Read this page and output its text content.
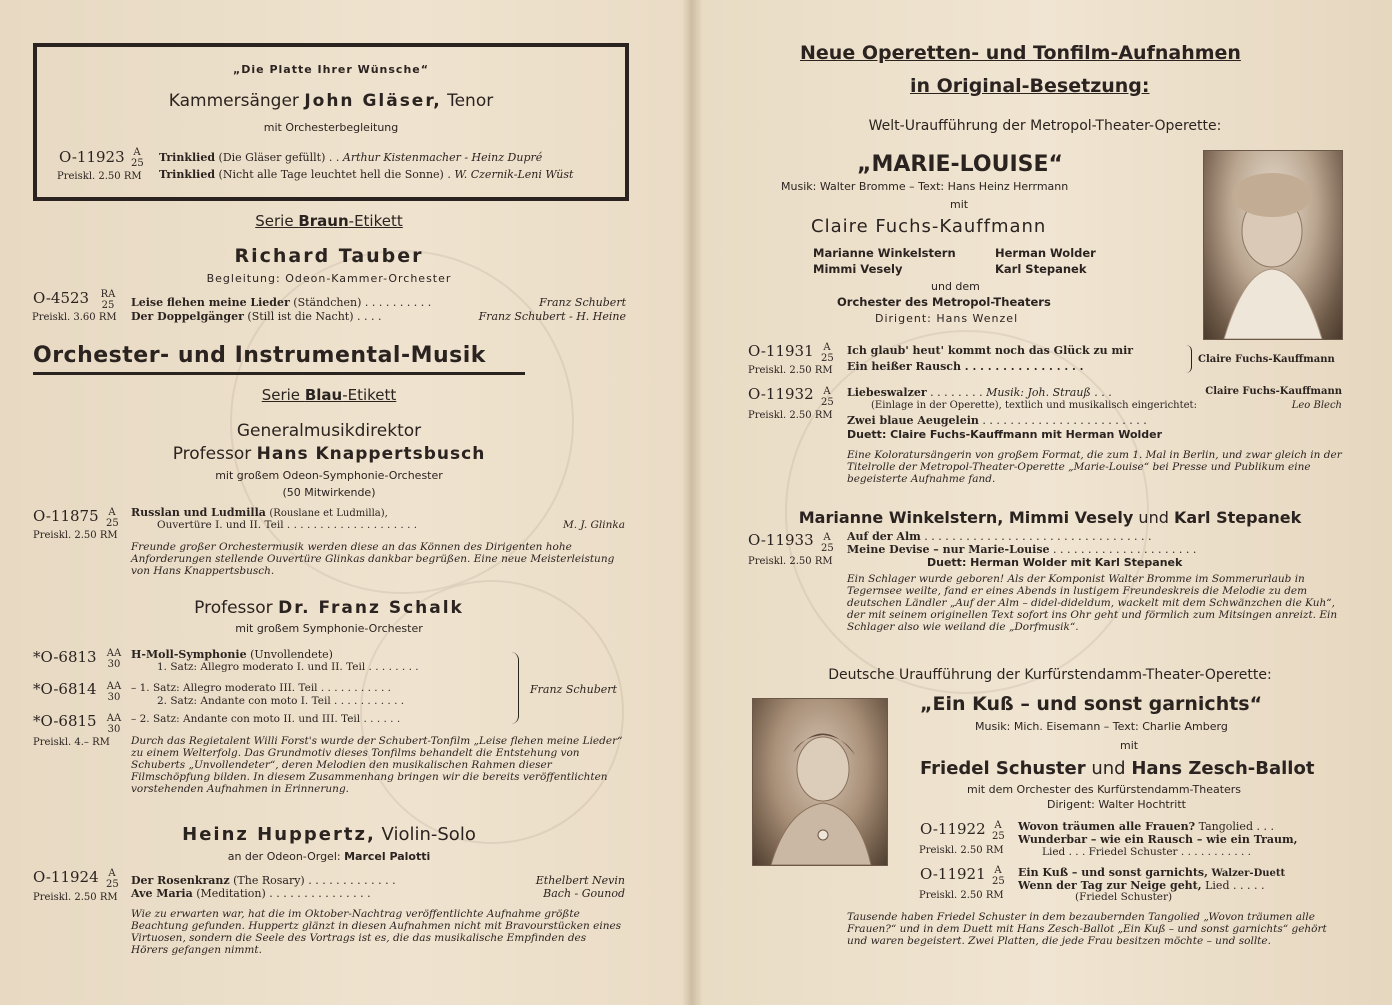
„Die Platte Ihrer Wünsche“
Kammersänger John Gläser, Tenor
mit Orchesterbegleitung
O-11923 A 25
Preiskl. 2.50 RM
Trinklied (Die Gläser gefüllt) . . Arthur Kistenmacher - Heinz Dupré
Trinklied (Nicht alle Tage leuchtet hell die Sonne) . W. Czernik-Leni Wüst
Serie Braun-Etikett
Richard Tauber
Begleitung: Odeon-Kammer-Orchester
O-4523 RA 25
Preiskl. 3.60 RM
Leise flehen meine Lieder (Ständchen) . . . . . . . . . .	Franz Schubert
Der Doppelgänger (Still ist die Nacht) . . . .	Franz Schubert - H. Heine
Orchester- und Instrumental-Musik
Serie Blau-Etikett
Generalmusikdirektor
Professor Hans Knappertsbusch
mit großem Odeon-Symphonie-Orchester
(50 Mitwirkende)
O-11875 A 25
Preiskl. 2.50 RM
Russlan und Ludmilla (Rouslane et Ludmilla),
Ouvertüre I. und II. Teil . . . . . . . . . . . . . . . . . . . .	M. J. Glinka
Freunde großer Orchestermusik werden diese an das Können des Dirigenten hohe Anforderungen stellende Ouvertüre Glinkas dankbar begrüßen. Eine neue Meisterleistung von Hans Knappertsbusch.
Professor Dr. Franz Schalk
mit großem Symphonie-Orchester
*O-6813 AA 30
H-Moll-Symphonie (Unvollendete)
1. Satz: Allegro moderato I. und II. Teil . . . . . . . .
*O-6814 AA 30
– 1. Satz: Allegro moderato III. Teil . . . . . . . . . . .
2. Satz: Andante con moto I. Teil . . . . . . . . . . .
*O-6815 AA 30
– 2. Satz: Andante con moto II. und III. Teil . . . . . .
Franz Schubert
Preiskl. 4.– RM Durch das Regietalent Willi Forst's wurde der Schubert-Tonfilm „Leise flehen meine Lieder“ zu einem Welterfolg. Das Grundmotiv dieses Tonfilms behandelt die Entstehung von Schuberts „Unvollendeter“, deren Melodien den musikalischen Rahmen dieser Filmschöpfung bilden. In diesem Zusammenhang bringen wir die bereits veröffentlichten vorstehenden Aufnahmen in Erinnerung.
Heinz Huppertz, Violin-Solo
an der Odeon-Orgel: Marcel Palotti
O-11924 A 25
Preiskl. 2.50 RM
Der Rosenkranz (The Rosary) . . . . . . . . . . . . .	Ethelbert Nevin
Ave Maria (Meditation) . . . . . . . . . . . . . . .	Bach - Gounod
Wie zu erwarten war, hat die im Oktober-Nachtrag veröffentlichte Aufnahme größte Beachtung gefunden. Huppertz glänzt in diesen Aufnahmen nicht mit Bravourstücken eines Virtuosen, sondern die Seele des Vortrags ist es, die das musikalische Empfinden des Hörers gefangen nimmt.
Neue Operetten- und Tonfilm-Aufnahmen
in Original-Besetzung:
Welt-Uraufführung der Metropol-Theater-Operette:
„MARIE-LOUISE“
Musik: Walter Bromme – Text: Hans Heinz Herrmann
mit
Claire Fuchs-Kauffmann
Marianne Winkelstern	Herman Wolder
Mimmi Vesely	Karl Stepanek
und dem
Orchester des Metropol-Theaters
Dirigent: Hans Wenzel
O-11931 A 25
Preiskl. 2.50 RM
Ich glaub' heut' kommt noch das Glück zu mir
Ein heißer Rausch . . . . . . . . . . . . . . . .
Claire Fuchs-Kauffmann
O-11932 A 25
Preiskl. 2.50 RM
Liebeswalzer . . . . . . . . Musik: Joh. Strauß . . .	Claire Fuchs-Kauffmann
(Einlage in der Operette), textlich und musikalisch eingerichtet:	Leo Blech
Zwei blaue Aeugelein . . . . . . . . . . . . . . . . . . . . . . . .
Duett: Claire Fuchs-Kauffmann mit Herman Wolder
Eine Koloratursängerin von großem Format, die zum 1. Mal in Berlin, und zwar gleich in der Titelrolle der Metropol-Theater-Operette „Marie-Louise“ bei Presse und Publikum eine begeisterte Aufnahme fand.
Marianne Winkelstern, Mimmi Vesely und Karl Stepanek
O-11933 A 25
Preiskl. 2.50 RM
Auf der Alm . . . . . . . . . . . . . . . . . . . . . . . . . . . . . . . . .
Meine Devise – nur Marie-Louise . . . . . . . . . . . . . . . . . . . . .
Duett: Herman Wolder mit Karl Stepanek
Ein Schlager wurde geboren! Als der Komponist Walter Bromme im Sommerurlaub in Tegernsee weilte, fand er eines Abends in lustigem Freundeskreis die Melodie zu dem deutschen Ländler „Auf der Alm – didel-dideldum, wackelt mit dem Schwänzchen die Kuh“, der mit seinem originellen Text sofort ins Ohr geht und förmlich zum Mitsingen anreizt. Ein Schlager also wie weiland die „Dorfmusik“.
Deutsche Uraufführung der Kurfürstendamm-Theater-Operette:
„Ein Kuß – und sonst garnichts“
Musik: Mich. Eisemann – Text: Charlie Amberg
mit
Friedel Schuster und Hans Zesch-Ballot
mit dem Orchester des Kurfürstendamm-Theaters
Dirigent: Walter Hochtritt
O-11922 A 25
Preiskl. 2.50 RM
Wovon träumen alle Frauen? Tangolied . . .
Wunderbar – wie ein Rausch – wie ein Traum,
Lied . . . Friedel Schuster . . . . . . . . . . .
O-11921 A 25
Preiskl. 2.50 RM
Ein Kuß – und sonst garnichts, Walzer-Duett
Wenn der Tag zur Neige geht, Lied . . . . .
(Friedel Schuster)
Tausende haben Friedel Schuster in dem bezaubernden Tangolied „Wovon träumen alle Frauen?“ und in dem Duett mit Hans Zesch-Ballot „Ein Kuß – und sonst garnichts“ gehört und waren begeistert. Zwei Platten, die jede Frau besitzen möchte – und sollte.
